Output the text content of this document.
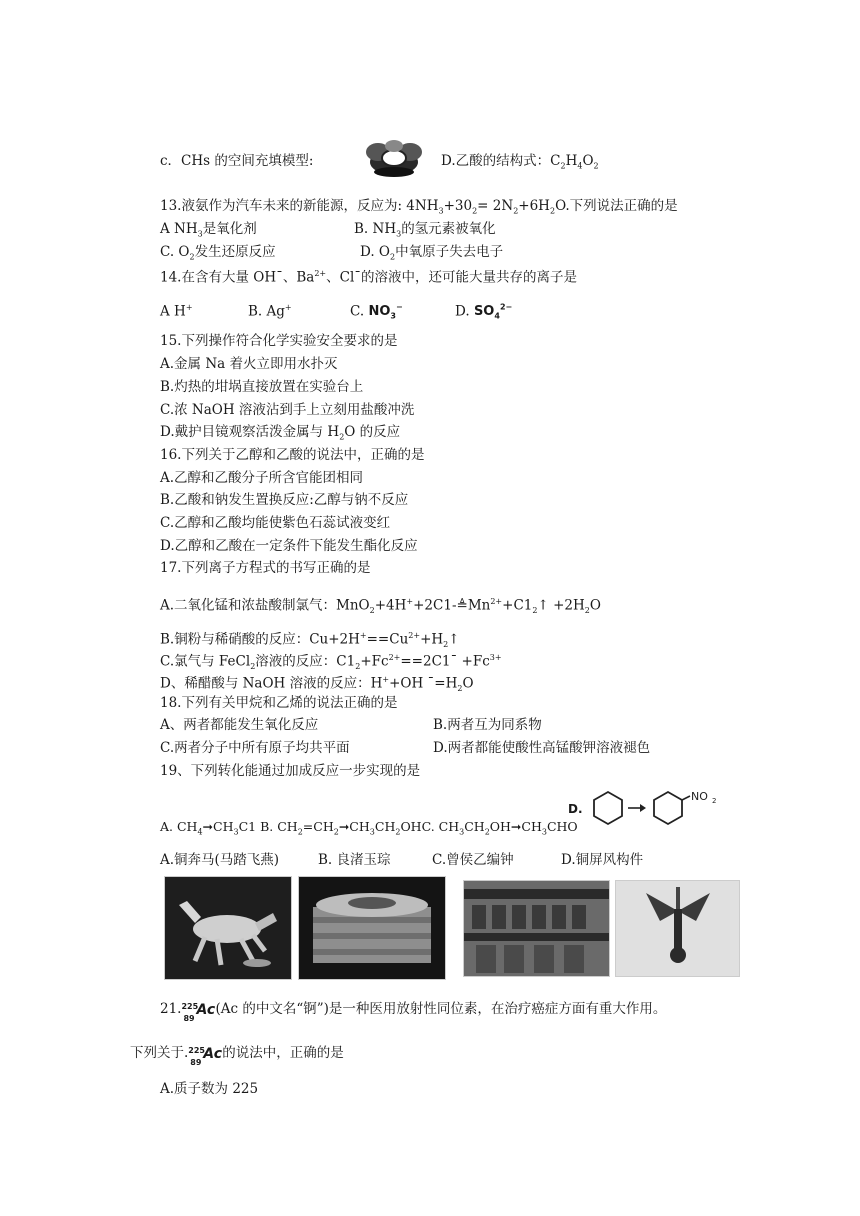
c．CHs 的空间充填模型:	D.乙酸的结构式：$C_2H_4O_2$
13.液氨作为汽车未来的新能源，反应为: $4NH_3+30_2= 2N_2+6H_2O$.下列说法正确的是
A $NH_3$是氧化剂	B. $NH_3$的氢元素被氧化
C. $O_2$发生还原反应	D. $O_2$中氧原子失去电子
14.在含有大量 OH¯、$Ba^{2+}$、Cl¯的溶液中，还可能大量共存的离子是
A H+	B. Ag+	C. $NO_3^-$	D. $SO_4^{2-}$
15.下列操作符合化学实验安全要求的是
A.金属 Na 着火立即用水扑灭
B.灼热的坩埚直接放置在实验台上
C.浓 NaOH 溶液沾到手上立刻用盐酸冲洗
D.戴护目镜观察活泼金属与 $H_2O$ 的反应
16.下列关于乙醇和乙酸的说法中，正确的是
A.乙醇和乙酸分子所含官能团相同
B.乙酸和钠发生置换反应:乙醇与钠不反应
C.乙醇和乙酸均能使紫色石蕊试液变红
D.乙醇和乙酸在一定条件下能发生酯化反应
17.下列离子方程式的书写正确的是
A.二氧化锰和浓盐酸制氯气：$MnO_2+4H^++2C1-≜Mn^{2+}+C1_2↑ +2H_2O$
B.铜粉与稀硝酸的反应：$Cu+2H^+==Cu^{2+}+H_2↑$
C.氯气与 FeCl$_2$溶液的反应：$C1_2+Fc^{2+}==2C1¯ +Fc^{3+}$
D、稀醋酸与 NaOH 溶液的反应：H++OH $¯=H_2O$
18.下列有关甲烷和乙烯的说法正确的是
A、两者都能发生氧化反应	B.两者互为同系物
C.两者分子中所有原子均共平面	D.两者都能使酸性高锰酸钾溶液褪色
19、下列转化能通过加成反应一步实现的是
A. $CH_4➞CH_3C1$ B. $CH_2=CH_2➞CH_3CH_2OHC$. $CH_3CH_2OH➞CH_3CHO$
D.
NO 2
A.铜奔马(马踏飞燕)	B. 良渚玉琮	C.曾侯乙编钟	D.铜屏风构件
21. 225
89
Ac (Ac 的中文名“锕”)是一种医用放射性同位素，在治疗癌症方面有重大作用。
下列关于. 225
89
Ac 的说法中，正确的是
A.质子数为 225
